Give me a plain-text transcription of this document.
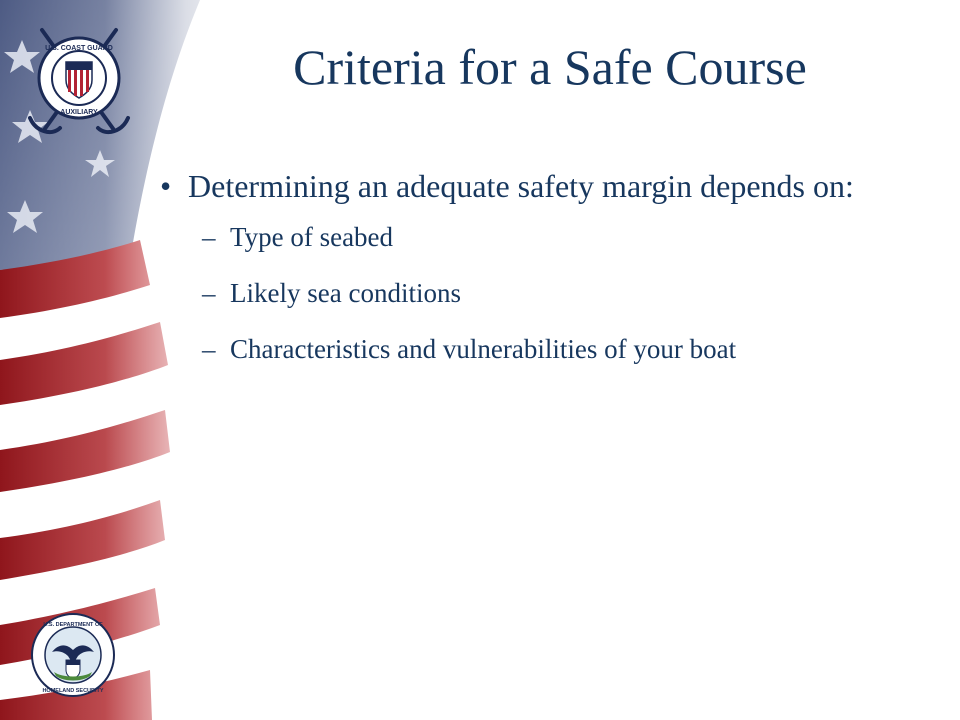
U.S. COAST GUARD
AUXILIARY
U.S. DEPARTMENT OF
HOMELAND SECURITY
Criteria for a Safe Course
• Determining an adequate safety margin depends on:
– Type of seabed
– Likely sea conditions
– Characteristics and vulnerabilities of your boat
